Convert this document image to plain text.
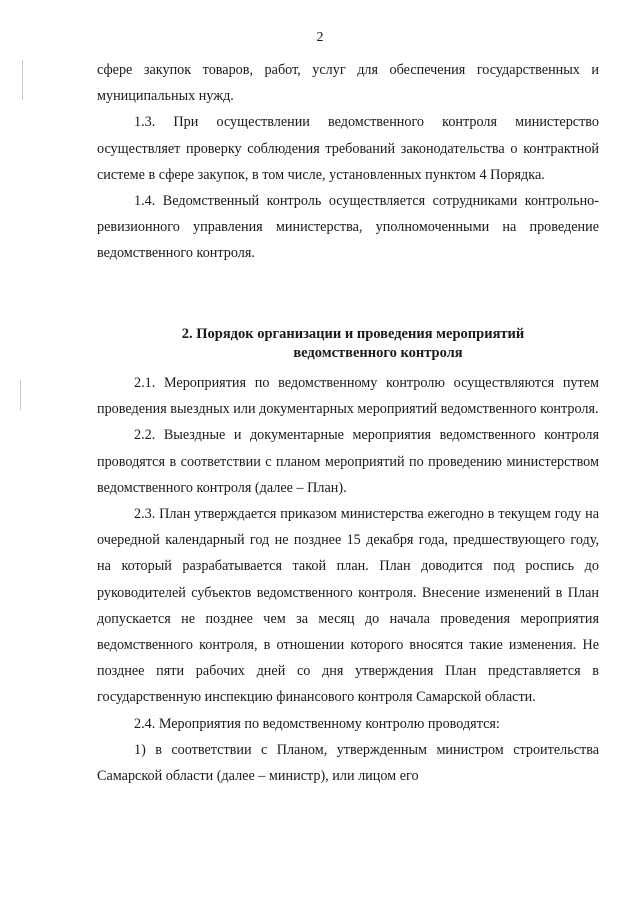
2

сфере закупок товаров, работ, услуг для обеспечения государственных и муниципальных нужд.

1.3. При осуществлении ведомственного контроля министерство осуществляет проверку соблюдения требований законодательства о контрактной системе в сфере закупок, в том числе, установленных пунктом 4 Порядка.

1.4. Ведомственный контроль осуществляется сотрудниками контрольно-ревизионного управления министерства, уполномоченными на проведение ведомственного контроля.

2. Порядок организации и проведения мероприятий
ведомственного контроля

2.1. Мероприятия по ведомственному контролю осуществляются путем проведения выездных или документарных мероприятий ведомственного контроля.

2.2. Выездные и документарные мероприятия ведомственного контроля проводятся в соответствии с планом мероприятий по проведению министерством ведомственного контроля (далее – План).

2.3. План утверждается приказом министерства ежегодно в текущем году на очередной календарный год не позднее 15 декабря года, предшествующего году, на который разрабатывается такой план. План доводится под роспись до руководителей субъектов ведомственного контроля. Внесение изменений в План допускается не позднее чем за месяц до начала проведения мероприятия ведомственного контроля, в отношении которого вносятся такие изменения. Не позднее пяти рабочих дней со дня утверждения План представляется в государственную инспекцию финансового контроля Самарской области.

2.4. Мероприятия по ведомственному контролю проводятся:

1) в соответствии с Планом, утвержденным министром строительства Самарской области (далее – министр), или лицом его
